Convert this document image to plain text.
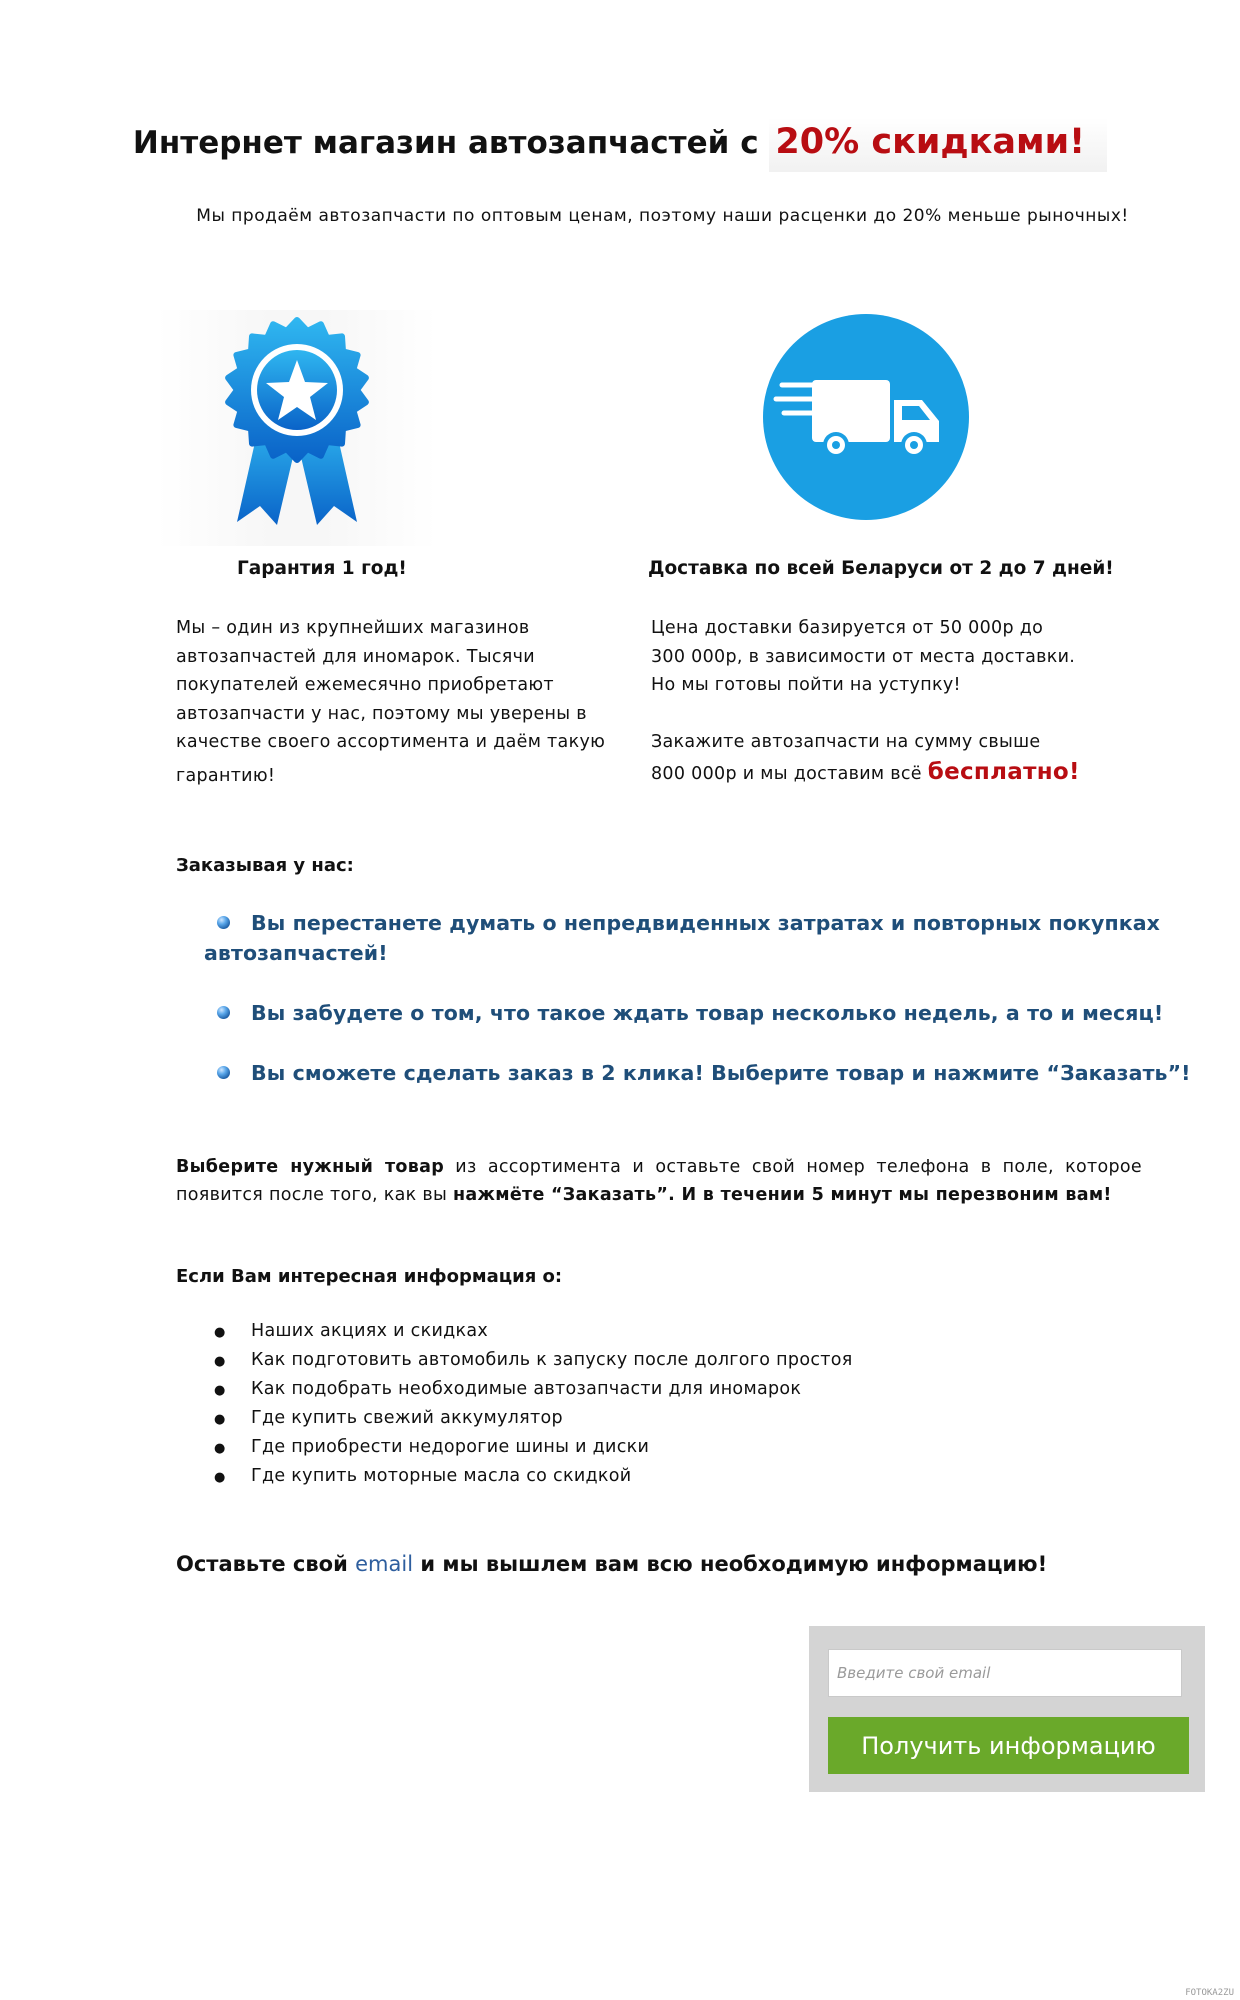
Интернет магазин автозапчастей с 20% скидками!
Мы продаём автозапчасти по оптовым ценам, поэтому наши расценки до 20% меньше рыночных!
Гарантия 1 год!
Мы – один из крупнейших магазинов
автозапчастей для иномарок. Тысячи
покупателей ежемесячно приобретают
автозапчасти у нас, поэтому мы уверены в
качестве своего ассортимента и даём такую
гарантию!
Доставка по всей Беларуси от 2 до 7 дней!
Цена доставки базируется от 50 000р до
300 000р, в зависимости от места доставки.
Но мы готовы пойти на уступку!
Закажите автозапчасти на сумму свыше
800 000р и мы доставим всё бесплатно!
Заказывая у нас:
Вы перестанете думать о непредвиденных затратах и повторных покупках
автозапчастей!
Вы забудете о том, что такое ждать товар несколько недель, а то и месяц!
Вы сможете сделать заказ в 2 клика! Выберите товар и нажмите “Заказать”!
Выберите нужный товар из ассортимента и оставьте свой номер телефона в поле, которое
появится после того, как вы нажмёте “Заказать”. И в течении 5 минут мы перезвоним вам!
Если Вам интересная информация о:
● Наших акциях и скидках
● Как подготовить автомобиль к запуску после долгого простоя
● Как подобрать необходимые автозапчасти для иномарок
● Где купить свежий аккумулятор
● Где приобрести недорогие шины и диски
● Где купить моторные масла со скидкой
Оставьте свой email и мы вышлем вам всю необходимую информацию!
Введите свой email
Получить информацию
FOTOKA2ZU
